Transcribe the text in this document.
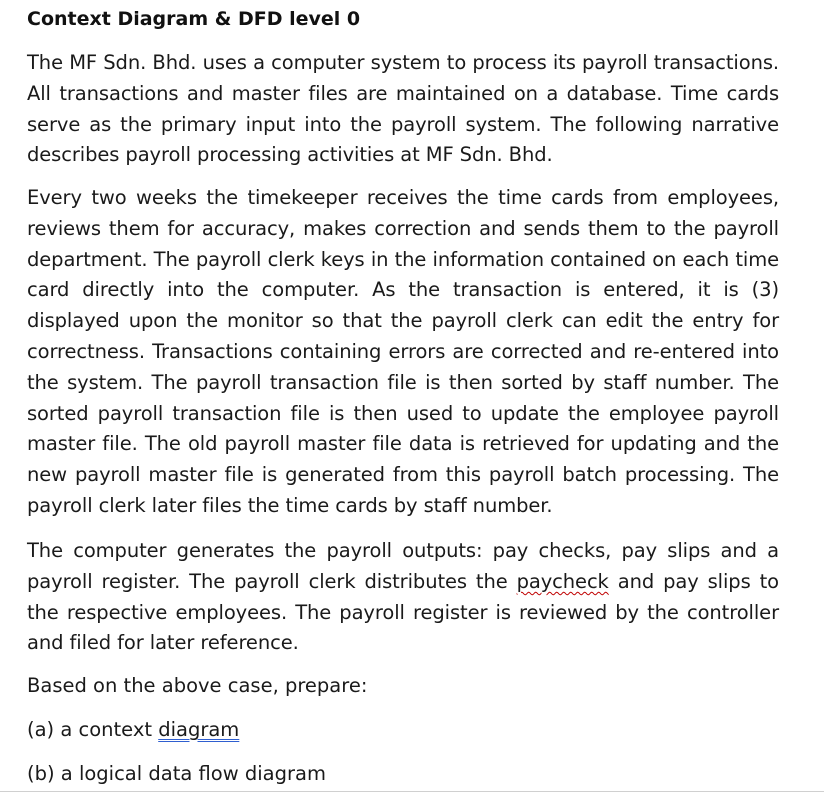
Context Diagram & DFD level 0

The MF Sdn. Bhd. uses a computer system to process its payroll transactions. All transactions and master files are maintained on a database. Time cards serve as the primary input into the payroll system. The following narrative describes payroll processing activities at MF Sdn. Bhd.

Every two weeks the timekeeper receives the time cards from employees, reviews them for accuracy, makes correction and sends them to the payroll department. The payroll clerk keys in the information contained on each time card directly into the computer. As the transaction is entered, it is (3) displayed upon the monitor so that the payroll clerk can edit the entry for correctness. Transactions containing errors are corrected and re-entered into the system. The payroll transaction file is then sorted by staff number. The sorted payroll transaction file is then used to update the employee payroll master file. The old payroll master file data is retrieved for updating and the new payroll master file is generated from this payroll batch processing. The payroll clerk later files the time cards by staff number.

The computer generates the payroll outputs: pay checks, pay slips and a payroll register. The payroll clerk distributes the paycheck and pay slips to the respective employees. The payroll register is reviewed by the controller and filed for later reference.

Based on the above case, prepare:

(a) a context diagram

(b) a logical data flow diagram
